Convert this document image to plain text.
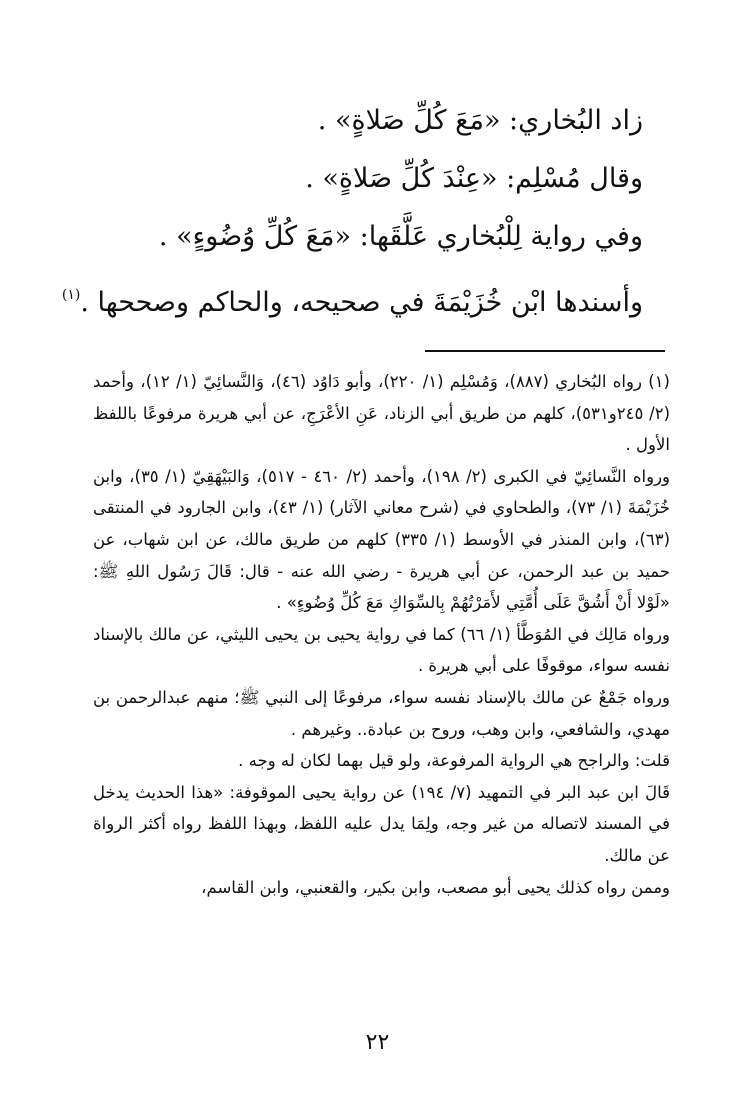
زاد البُخاري: «مَعَ كُلِّ صَلاةٍ» .

وقال مُسْلِم: «عِنْدَ كُلِّ صَلاةٍ» .

وفي رواية لِلْبُخاري عَلَّقَها: «مَعَ كُلِّ وُضُوءٍ» .

وأسندها ابْن خُزَيْمَةَ في صحيحه، والحاكم وصححها .$^{(١)}$

(١) رواه البُخاري (٨٨٧)، وَمُسْلِم (١/ ٢٢٠)، وأبو دَاوُد (٤٦)، وَالنَّسائِيّ (١/ ١٢)، وأحمد (٢/ ٢٤٥و٥٣١)، كلهم من طريق أبي الزناد، عَنِ الأعْرَجِ، عن أبي هريرة مرفوعًا باللفظ الأول .

ورواه النَّسائِيّ في الكبرى (٢/ ١٩٨)، وأحمد (٢/ ٤٦٠ - ٥١٧)، وَالبَيْهَقِيّ (١/ ٣٥)، وابن خُزَيْمَةَ (١/ ٧٣)، والطحاوي في (شرح معاني الآثار) (١/ ٤٣)، وابن الجارود في المنتقى (٦٣)، وابن المنذر في الأوسط (١/ ٣٣٥) كلهم من طريق مالك، عن ابن شهاب، عن حميد بن عبد الرحمن، عن أبي هريرة - رضي الله عنه - قال: قَالَ رَسُول اللهِ ﷺ: «لَوْلا أَنْ أَشُقَّ عَلَى أُمَّتِي لأَمَرْتُهُمْ بِالسِّوَاكِ مَعَ كُلِّ وُضُوءٍ» .

ورواه مَالِك في المُوَطَّأ (١/ ٦٦) كما في رواية يحيى بن يحيى الليثي، عن مالك بالإسناد نفسه سواء، موقوفًا على أبي هريرة .

ورواه جَمْعٌ عن مالك بالإسناد نفسه سواء، مرفوعًا إلى النبي ﷺ؛ منهم عبدالرحمن بن مهدي، والشافعي، وابن وهب، وروح بن عبادة.. وغيرهم .

قلت: والراجح هي الرواية المرفوعة، ولو قيل بهما لكان له وجه .

قَالَ ابن عبد البر في التمهيد (٧/ ١٩٤) عن رواية يحيى الموقوفة: «هذا الحديث يدخل في المسند لاتصاله من غير وجه، ولِمَا يدل عليه اللفظ، وبهذا اللفظ رواه أكثر الرواة عن مالك.

وممن رواه كذلك يحيى أبو مصعب، وابن بكير، والقعنبي، وابن القاسم،

٢٢
